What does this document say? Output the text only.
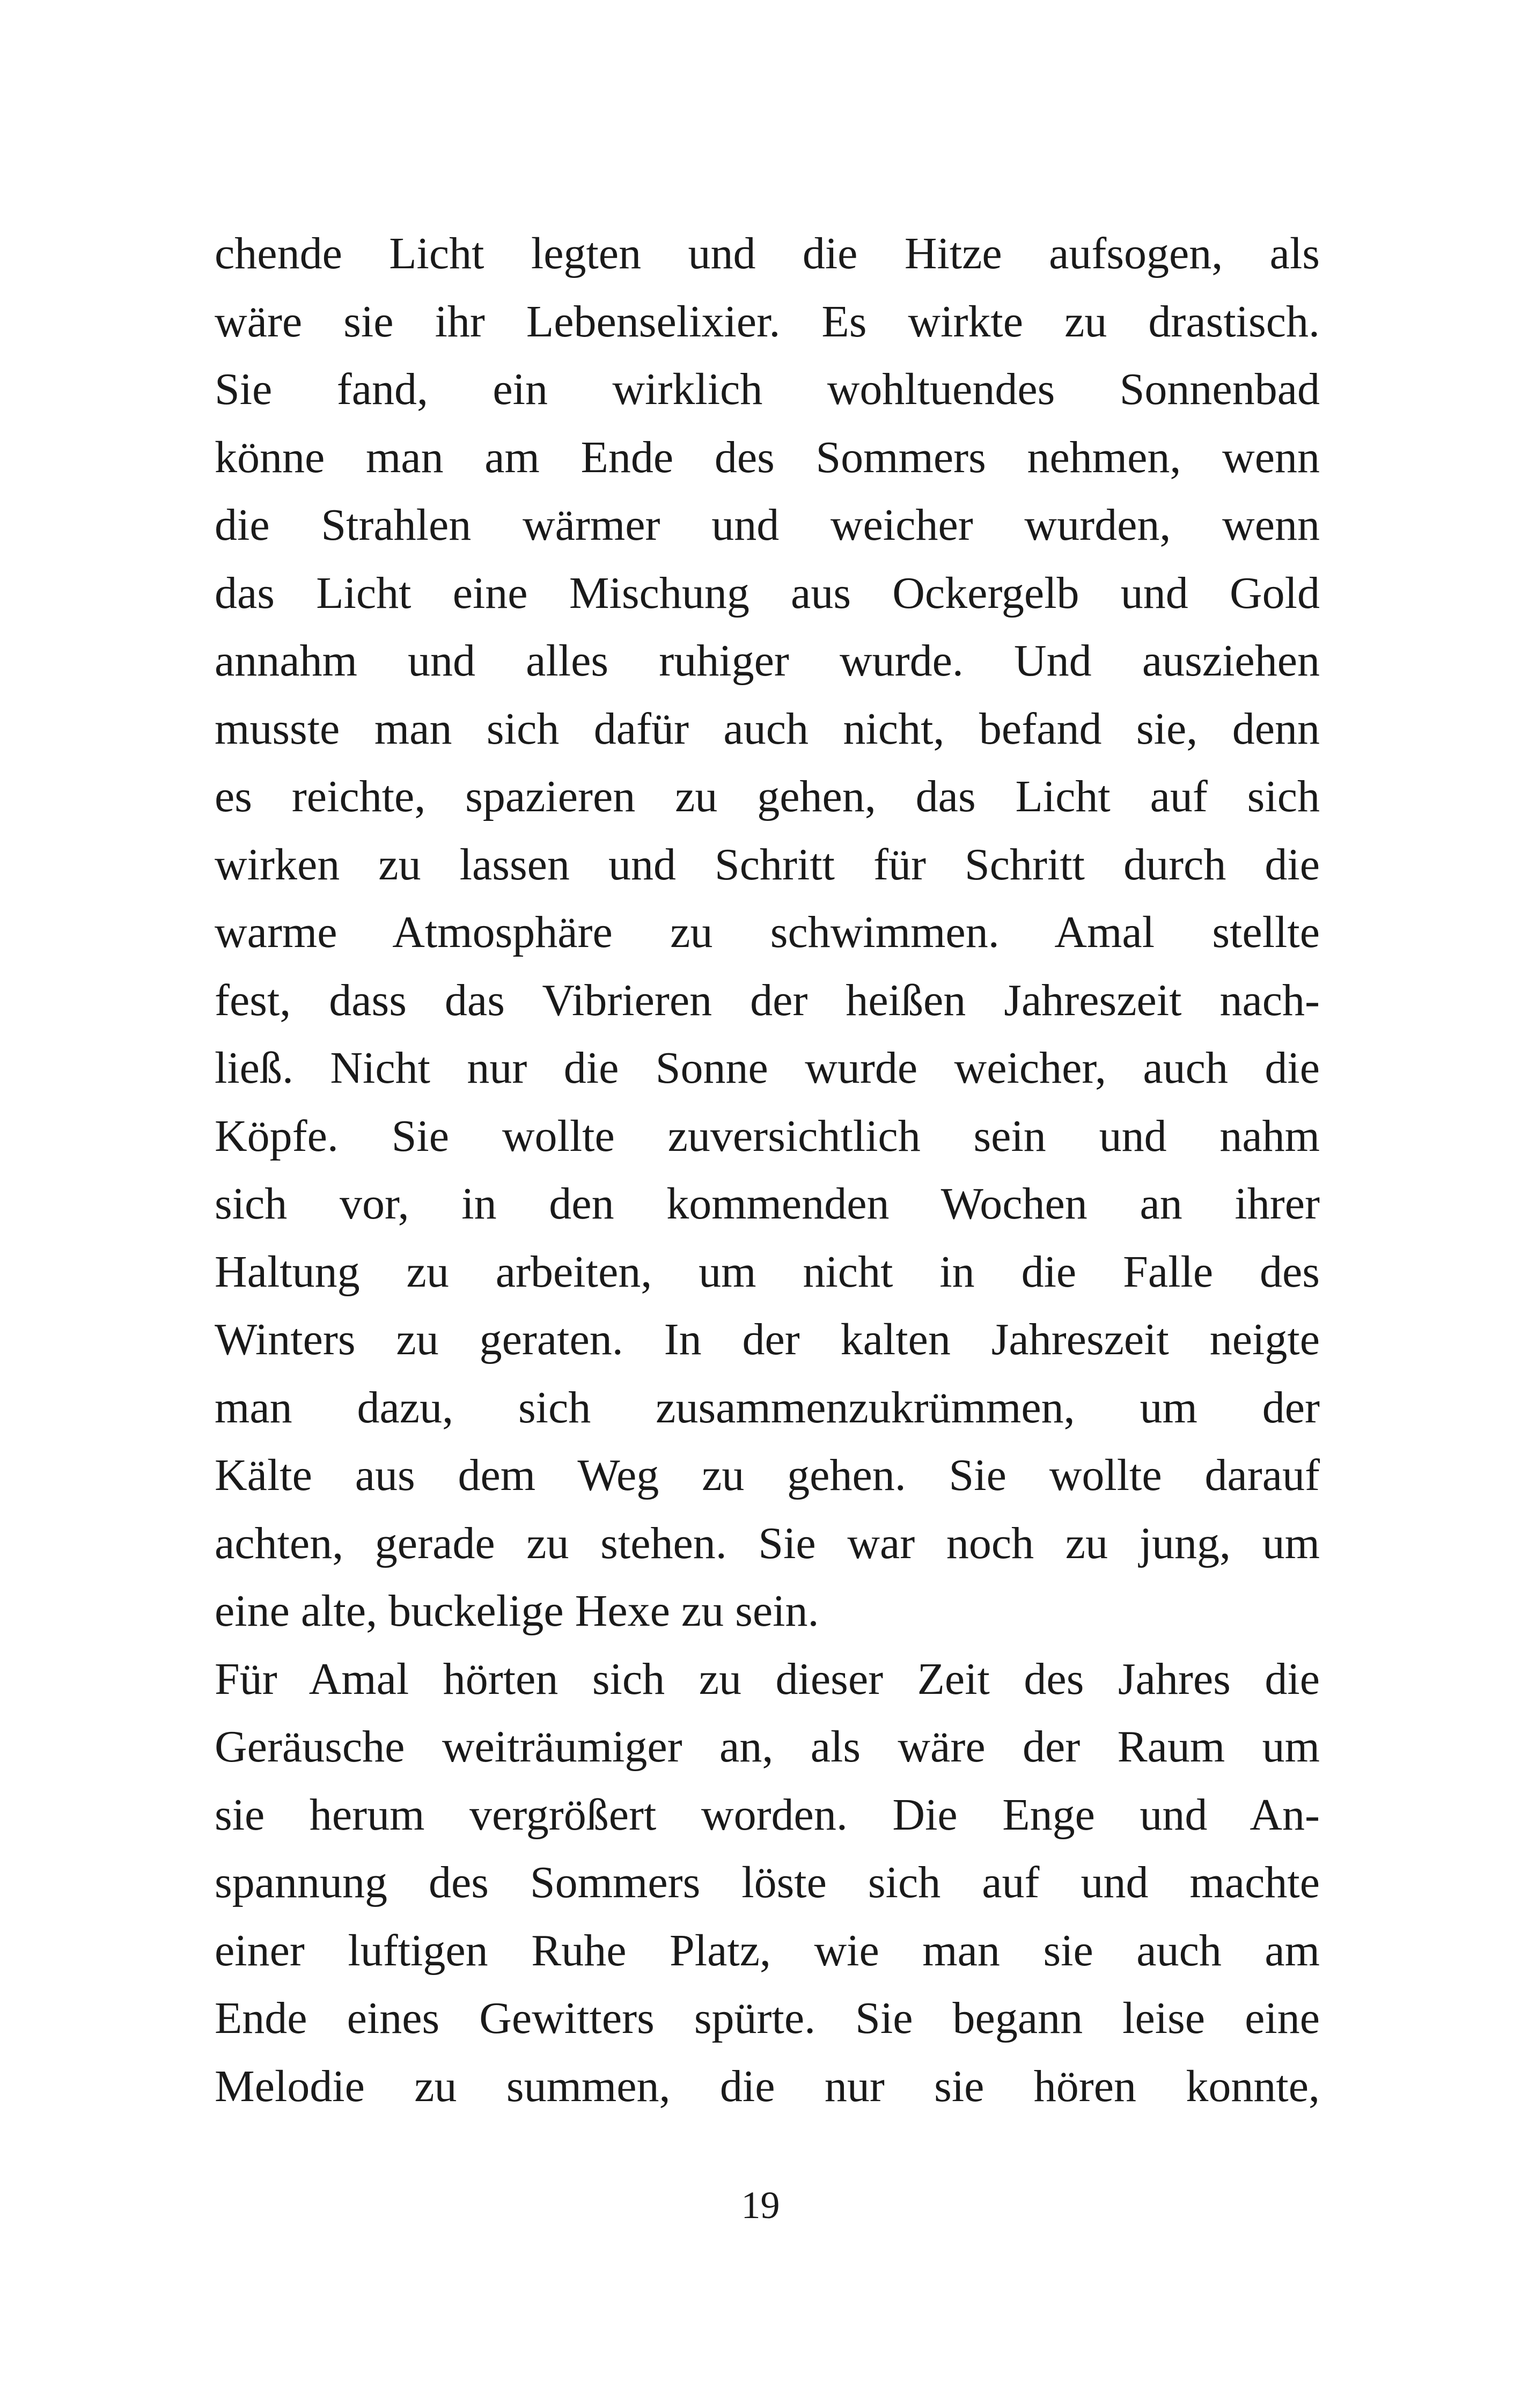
chende Licht legten und die Hitze aufsogen, als
wäre sie ihr Lebenselixier. Es wirkte zu drastisch.
Sie fand, ein wirklich wohltuendes Sonnenbad
könne man am Ende des Sommers nehmen, wenn
die Strahlen wärmer und weicher wurden, wenn
das Licht eine Mischung aus Ockergelb und Gold
annahm und alles ruhiger wurde. Und ausziehen
musste man sich dafür auch nicht, befand sie, denn
es reichte, spazieren zu gehen, das Licht auf sich
wirken zu lassen und Schritt für Schritt durch die
warme Atmosphäre zu schwimmen. Amal stellte
fest, dass das Vibrieren der heißen Jahreszeit nach-
ließ. Nicht nur die Sonne wurde weicher, auch die
Köpfe. Sie wollte zuversichtlich sein und nahm
sich vor, in den kommenden Wochen an ihrer
Haltung zu arbeiten, um nicht in die Falle des
Winters zu geraten. In der kalten Jahreszeit neigte
man dazu, sich zusammenzukrümmen, um der
Kälte aus dem Weg zu gehen. Sie wollte darauf
achten, gerade zu stehen. Sie war noch zu jung, um
eine alte, buckelige Hexe zu sein.
Für Amal hörten sich zu dieser Zeit des Jahres die
Geräusche weiträumiger an, als wäre der Raum um
sie herum vergrößert worden. Die Enge und An-
spannung des Sommers löste sich auf und machte
einer luftigen Ruhe Platz, wie man sie auch am
Ende eines Gewitters spürte. Sie begann leise eine
Melodie zu summen, die nur sie hören konnte,
19
